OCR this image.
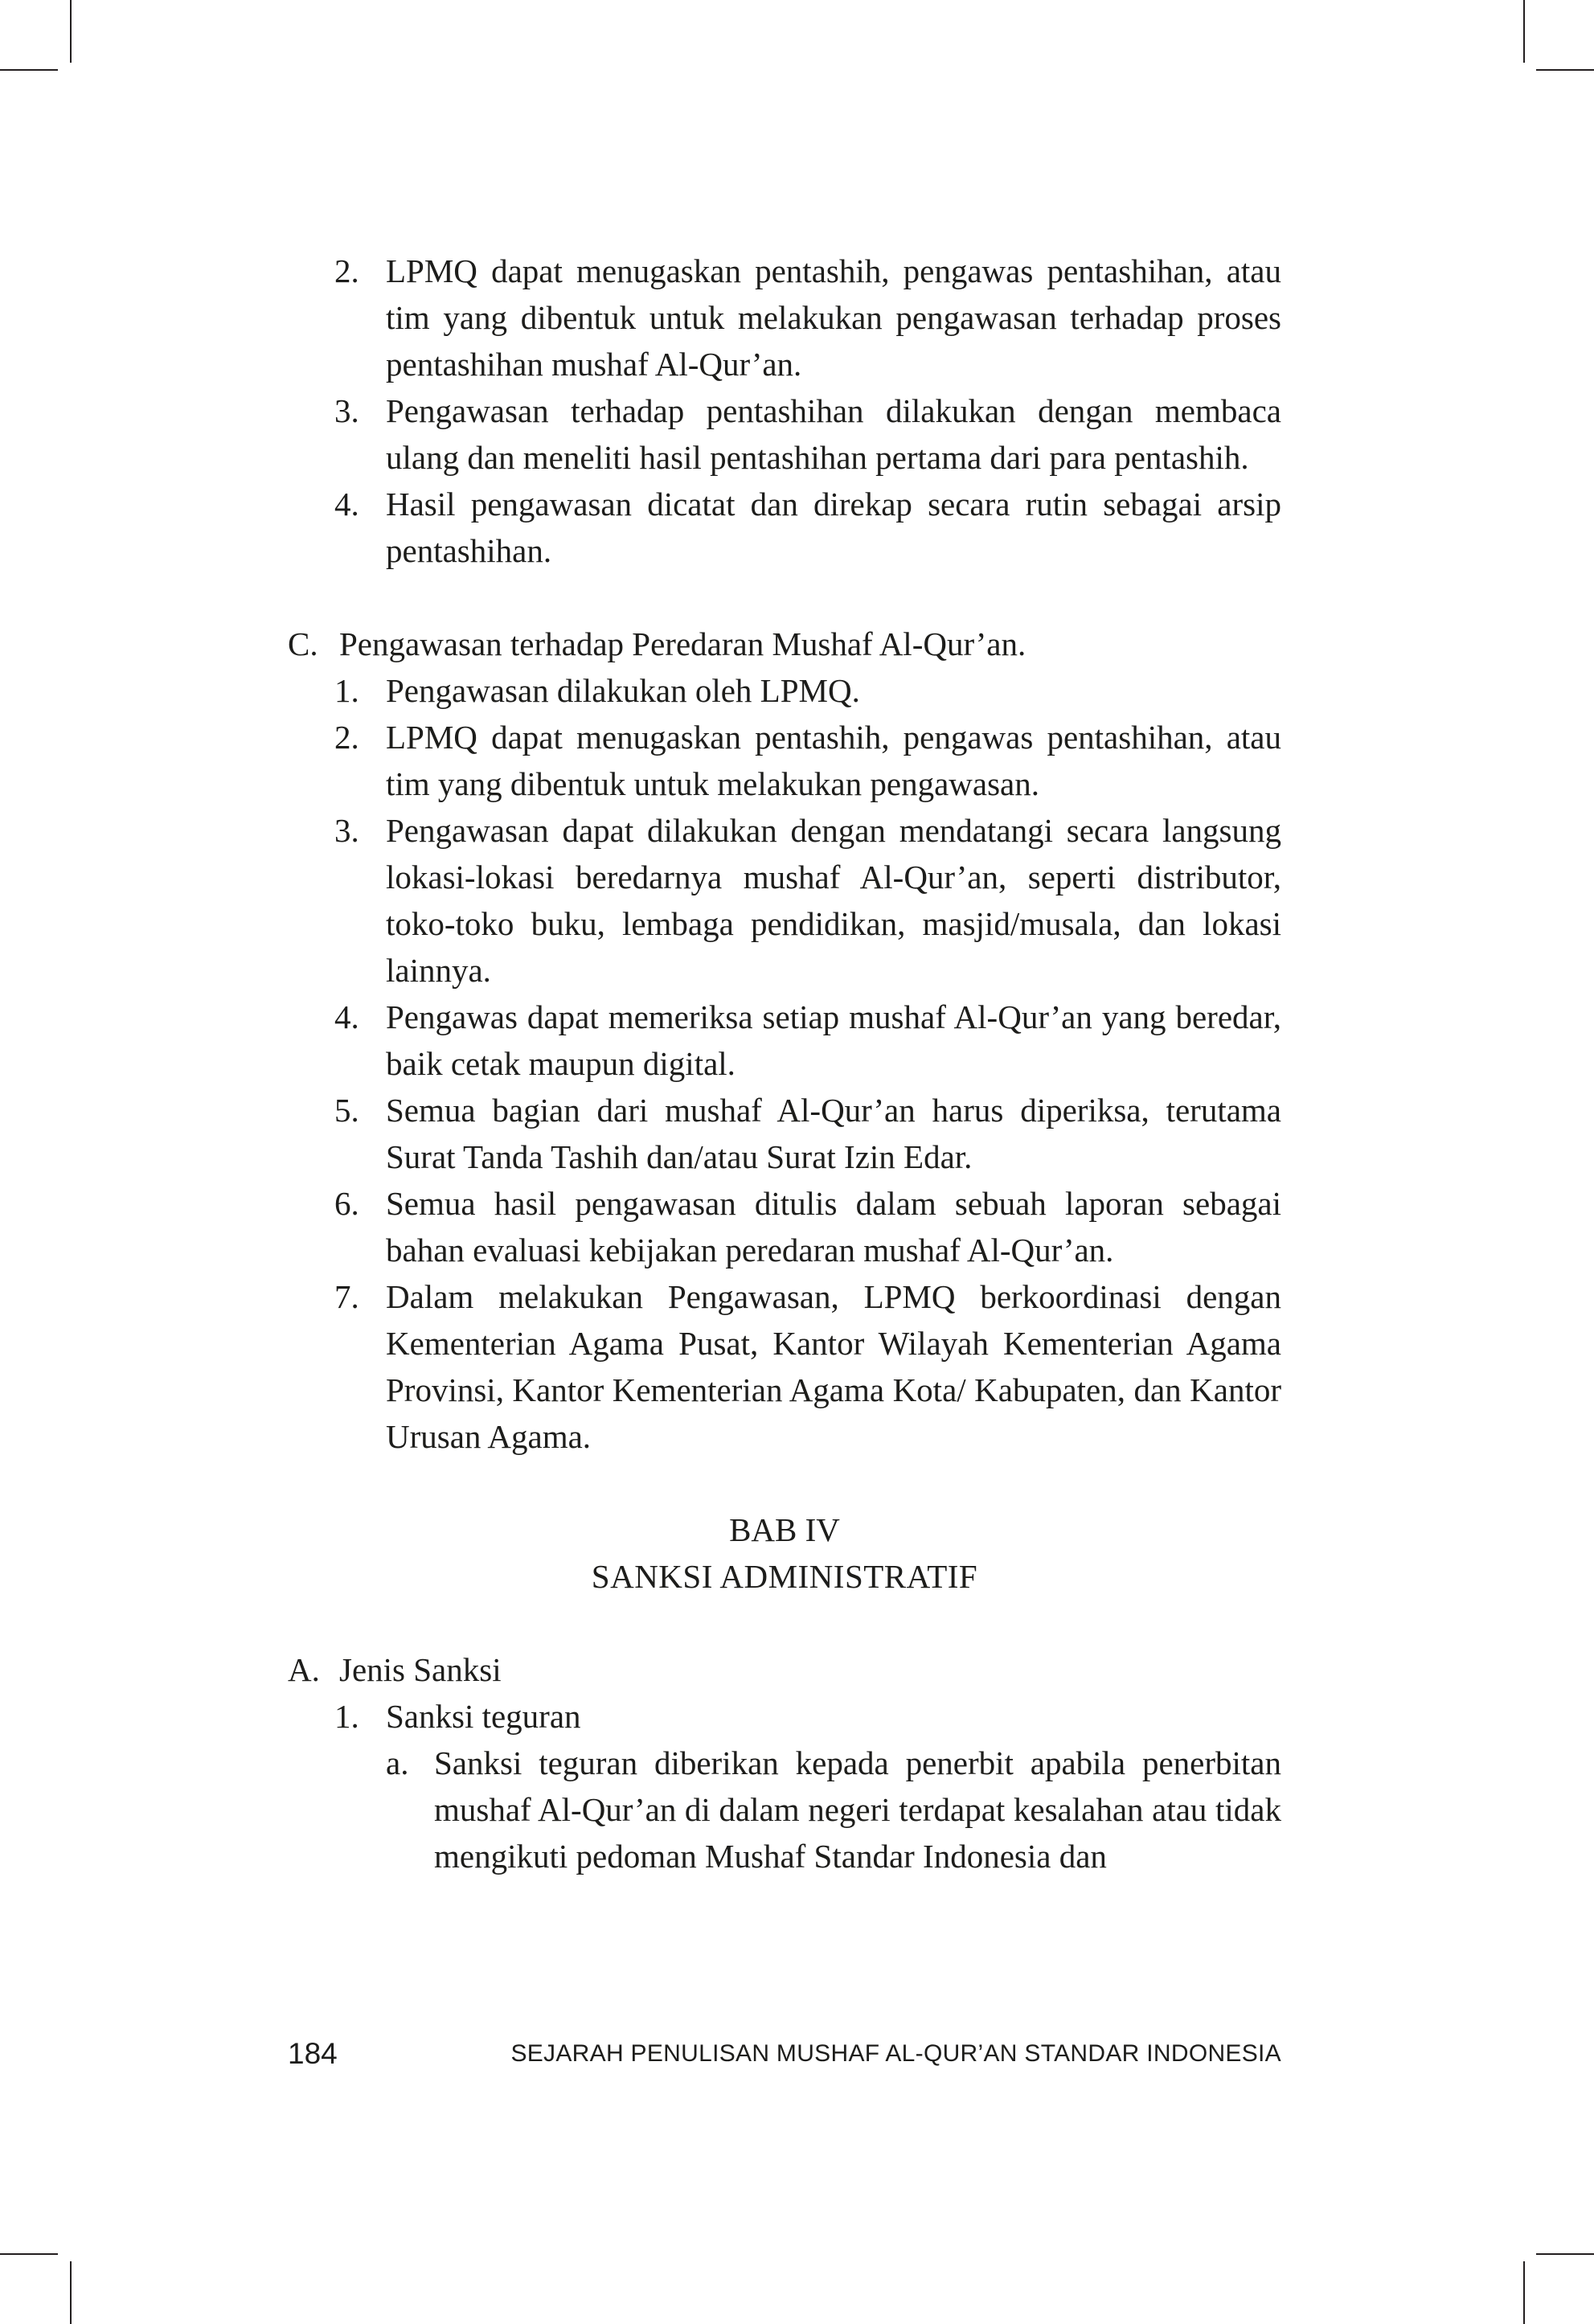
2. LPMQ dapat menugaskan pentashih, pengawas pentashihan, atau tim yang dibentuk untuk melakukan pengawasan terhadap proses pentashihan mushaf Al-Qur’an.
3. Pengawasan terhadap pentashihan dilakukan dengan membaca ulang dan meneliti hasil pentashihan pertama dari para pentashih.
4. Hasil pengawasan dicatat dan direkap secara rutin sebagai arsip pentashihan.
C. Pengawasan terhadap Peredaran Mushaf Al-Qur’an.
1. Pengawasan dilakukan oleh LPMQ.
2. LPMQ dapat menugaskan pentashih, pengawas pentashihan, atau tim yang dibentuk untuk melakukan pengawasan.
3. Pengawasan dapat dilakukan dengan mendatangi secara langsung lokasi-lokasi beredarnya mushaf Al-Qur’an, seperti distributor, toko-toko buku, lembaga pendidikan, masjid/musala, dan lokasi lainnya.
4. Pengawas dapat memeriksa setiap mushaf Al-Qur’an yang beredar, baik cetak maupun digital.
5. Semua bagian dari mushaf Al-Qur’an harus diperiksa, terutama Surat Tanda Tashih dan/atau Surat Izin Edar.
6. Semua hasil pengawasan ditulis dalam sebuah laporan sebagai bahan evaluasi kebijakan peredaran mushaf Al-Qur’an.
7. Dalam melakukan Pengawasan, LPMQ berkoordinasi dengan Kementerian Agama Pusat, Kantor Wilayah Kementerian Agama Provinsi, Kantor Kementerian Agama Kota/ Kabupaten, dan Kantor Urusan Agama.
BAB IV
SANKSI ADMINISTRATIF
A. Jenis Sanksi
1. Sanksi teguran
a. Sanksi teguran diberikan kepada penerbit apabila penerbitan mushaf Al-Qur’an di dalam negeri terdapat kesalahan atau tidak mengikuti pedoman Mushaf Standar Indonesia dan
184	SEJARAH PENULISAN MUSHAF AL-QUR’AN STANDAR INDONESIA
